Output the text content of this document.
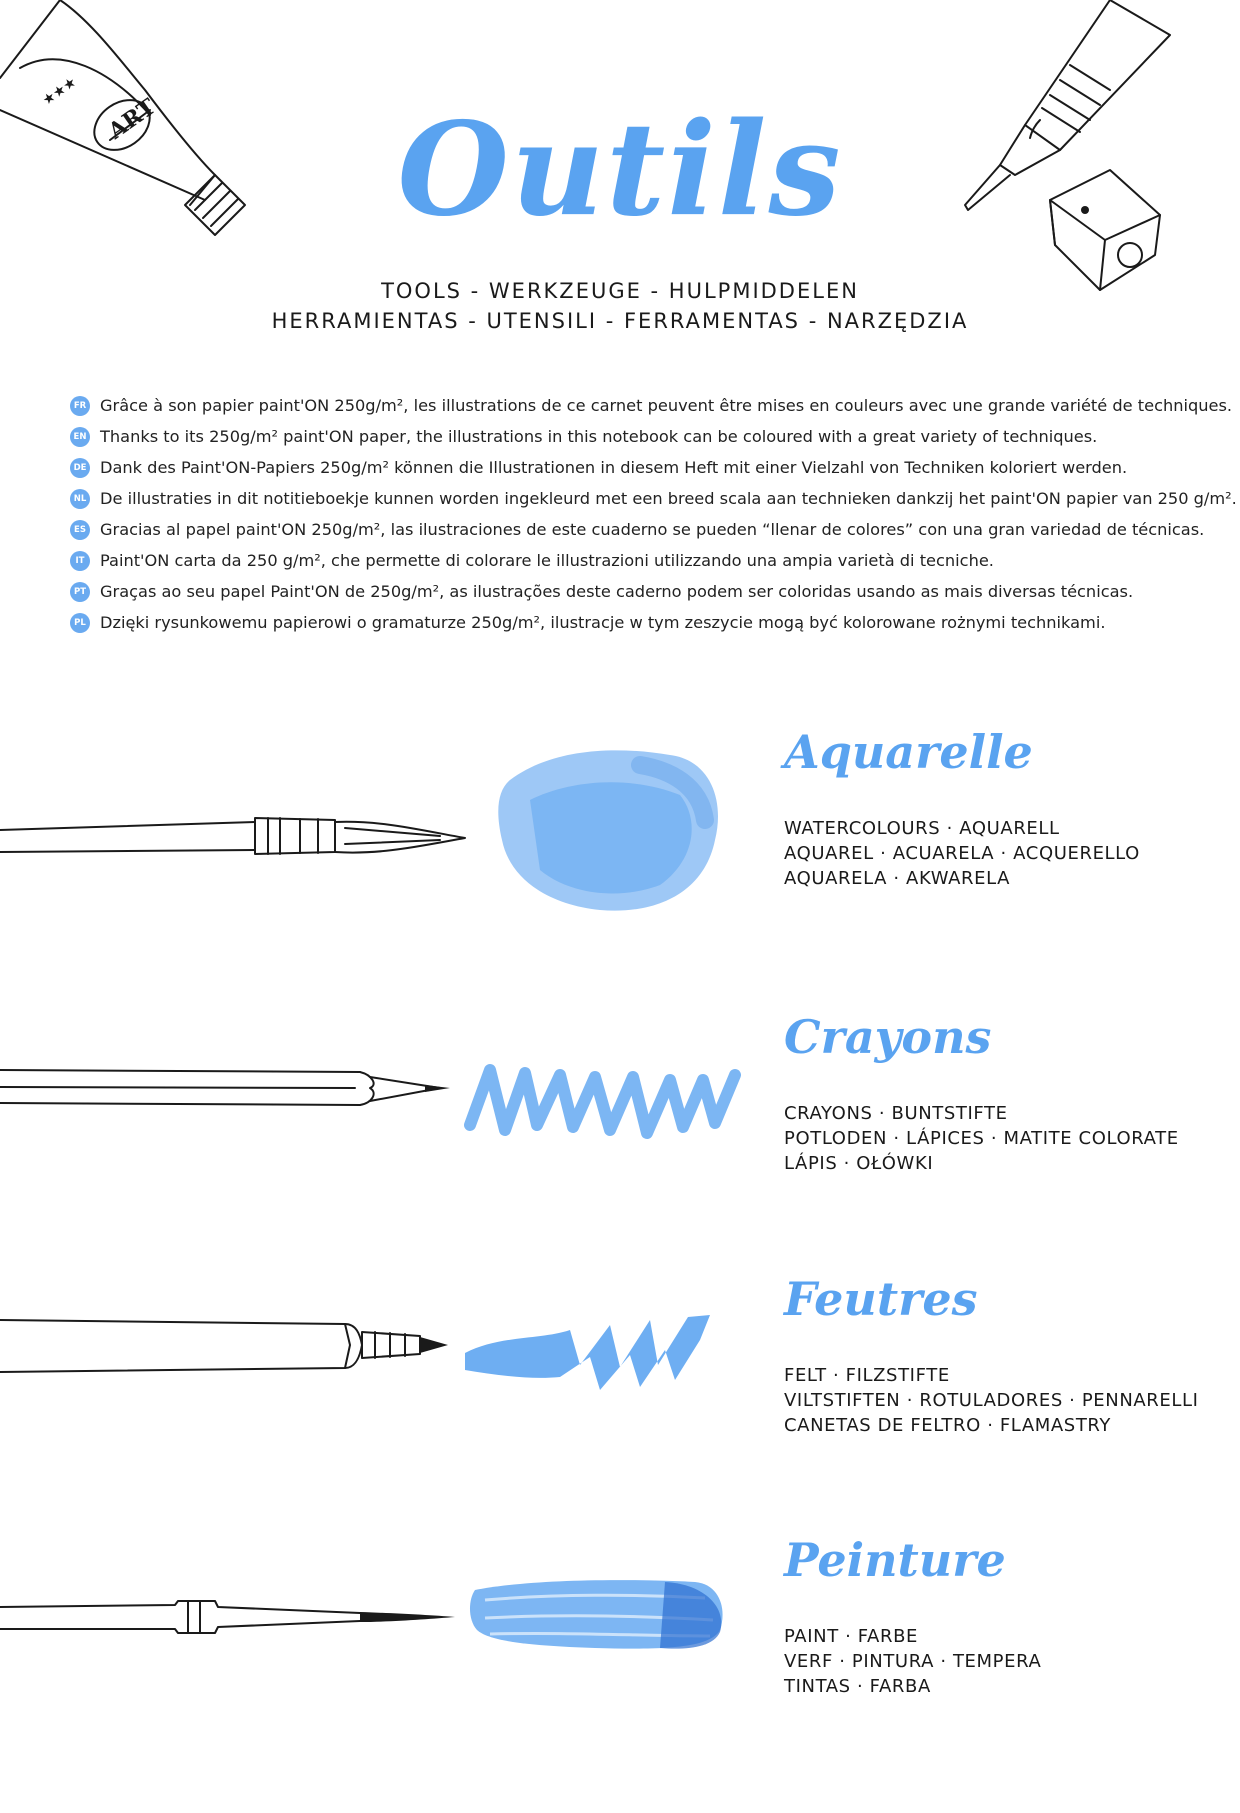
ART
★★★
Outils
TOOLS - WERKZEUGE - HULPMIDDELEN
HERRAMIENTAS - UTENSILI - FERRAMENTAS - NARZĘDZIA
FR Grâce à son papier paint'ON 250g/m², les illustrations de ce carnet peuvent être mises en couleurs avec une grande variété de techniques.
EN Thanks to its 250g/m² paint'ON paper, the illustrations in this notebook can be coloured with a great variety of techniques.
DE Dank des Paint'ON-Papiers 250g/m² können die Illustrationen in diesem Heft mit einer Vielzahl von Techniken koloriert werden.
NL De illustraties in dit notitieboekje kunnen worden ingekleurd met een breed scala aan technieken dankzij het paint'ON papier van 250 g/m².
ES Gracias al papel paint'ON 250g/m², las ilustraciones de este cuaderno se pueden “llenar de colores” con una gran variedad de técnicas.
IT Paint'ON carta da 250 g/m², che permette di colorare le illustrazioni utilizzando una ampia varietà di tecniche.
PT Graças ao seu papel Paint'ON de 250g/m², as ilustrações deste caderno podem ser coloridas usando as mais diversas técnicas.
PL Dzięki rysunkowemu papierowi o gramaturze 250g/m², ilustracje w tym zeszycie mogą być kolorowane rożnymi technikami.
Aquarelle
WATERCOLOURS · AQUARELL
AQUAREL · ACUARELA · ACQUERELLO
AQUARELA · AKWARELA
Crayons
CRAYONS · BUNTSTIFTE
POTLODEN · LÁPICES · MATITE COLORATE
LÁPIS · OŁÓWKI
Feutres
FELT · FILZSTIFTE
VILTSTIFTEN · ROTULADORES · PENNARELLI
CANETAS DE FELTRO · FLAMASTRY
Peinture
PAINT · FARBE
VERF · PINTURA · TEMPERA
TINTAS · FARBA
